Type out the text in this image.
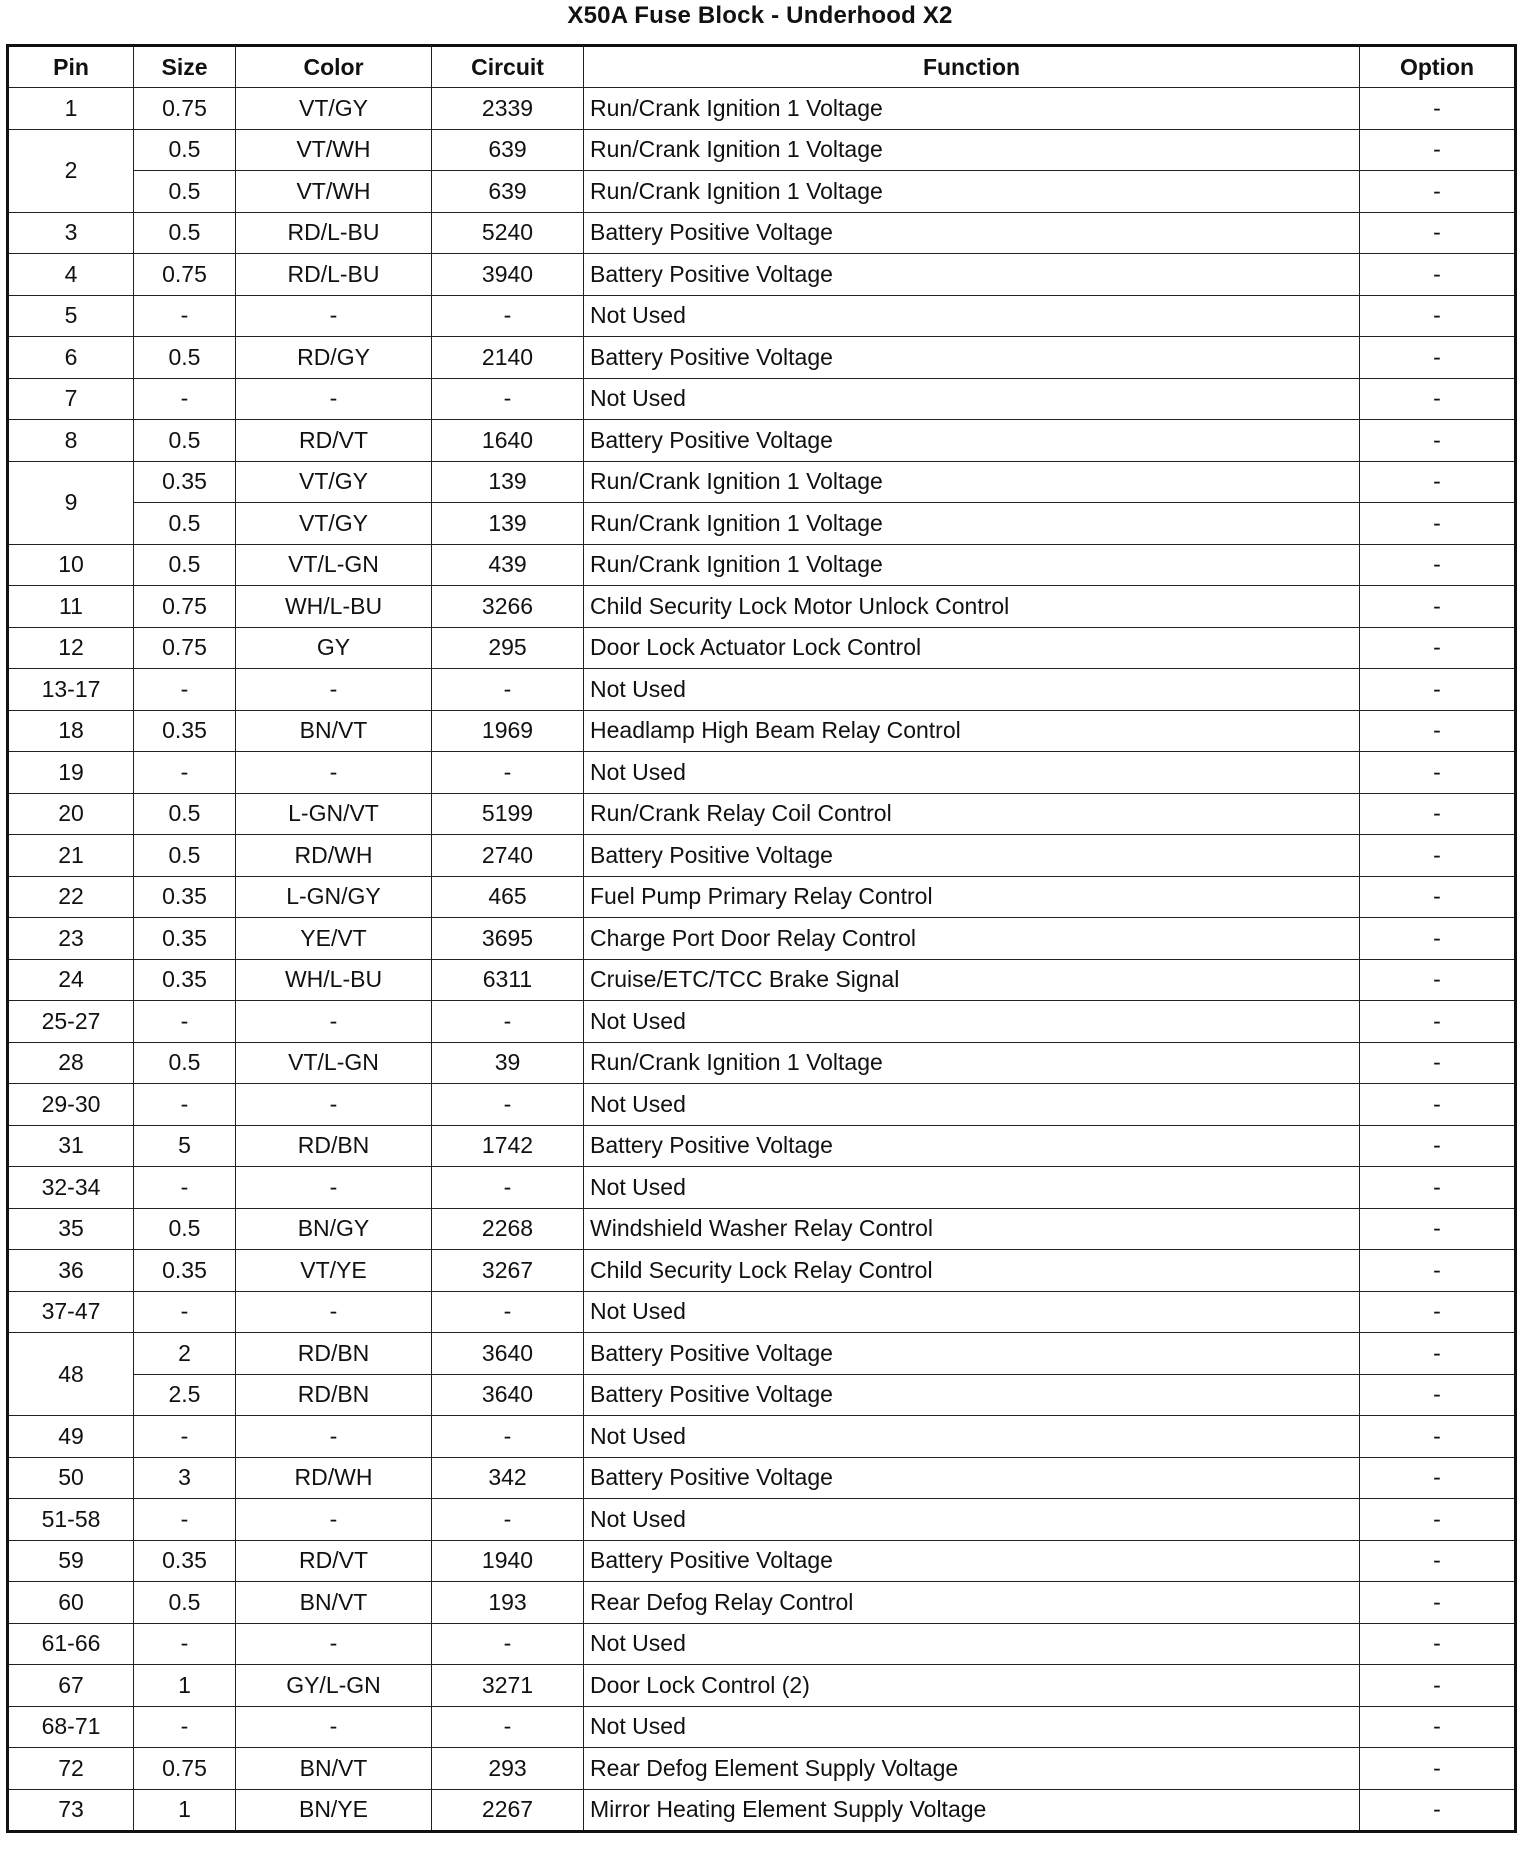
X50A Fuse Block - Underhood X2
Pin	Size	Color	Circuit	Function	Option
1	0.75	VT/GY	2339	Run/Crank Ignition 1 Voltage	-
2	0.5	VT/WH	639	Run/Crank Ignition 1 Voltage	-
	0.5	VT/WH	639	Run/Crank Ignition 1 Voltage	-
3	0.5	RD/L-BU	5240	Battery Positive Voltage	-
4	0.75	RD/L-BU	3940	Battery Positive Voltage	-
5	-	-	-	Not Used	-
6	0.5	RD/GY	2140	Battery Positive Voltage	-
7	-	-	-	Not Used	-
8	0.5	RD/VT	1640	Battery Positive Voltage	-
9	0.35	VT/GY	139	Run/Crank Ignition 1 Voltage	-
	0.5	VT/GY	139	Run/Crank Ignition 1 Voltage	-
10	0.5	VT/L-GN	439	Run/Crank Ignition 1 Voltage	-
11	0.75	WH/L-BU	3266	Child Security Lock Motor Unlock Control	-
12	0.75	GY	295	Door Lock Actuator Lock Control	-
13-17	-	-	-	Not Used	-
18	0.35	BN/VT	1969	Headlamp High Beam Relay Control	-
19	-	-	-	Not Used	-
20	0.5	L-GN/VT	5199	Run/Crank Relay Coil Control	-
21	0.5	RD/WH	2740	Battery Positive Voltage	-
22	0.35	L-GN/GY	465	Fuel Pump Primary Relay Control	-
23	0.35	YE/VT	3695	Charge Port Door Relay Control	-
24	0.35	WH/L-BU	6311	Cruise/ETC/TCC Brake Signal	-
25-27	-	-	-	Not Used	-
28	0.5	VT/L-GN	39	Run/Crank Ignition 1 Voltage	-
29-30	-	-	-	Not Used	-
31	5	RD/BN	1742	Battery Positive Voltage	-
32-34	-	-	-	Not Used	-
35	0.5	BN/GY	2268	Windshield Washer Relay Control	-
36	0.35	VT/YE	3267	Child Security Lock Relay Control	-
37-47	-	-	-	Not Used	-
48	2	RD/BN	3640	Battery Positive Voltage	-
	2.5	RD/BN	3640	Battery Positive Voltage	-
49	-	-	-	Not Used	-
50	3	RD/WH	342	Battery Positive Voltage	-
51-58	-	-	-	Not Used	-
59	0.35	RD/VT	1940	Battery Positive Voltage	-
60	0.5	BN/VT	193	Rear Defog Relay Control	-
61-66	-	-	-	Not Used	-
67	1	GY/L-GN	3271	Door Lock Control (2)	-
68-71	-	-	-	Not Used	-
72	0.75	BN/VT	293	Rear Defog Element Supply Voltage	-
73	1	BN/YE	2267	Mirror Heating Element Supply Voltage	-
